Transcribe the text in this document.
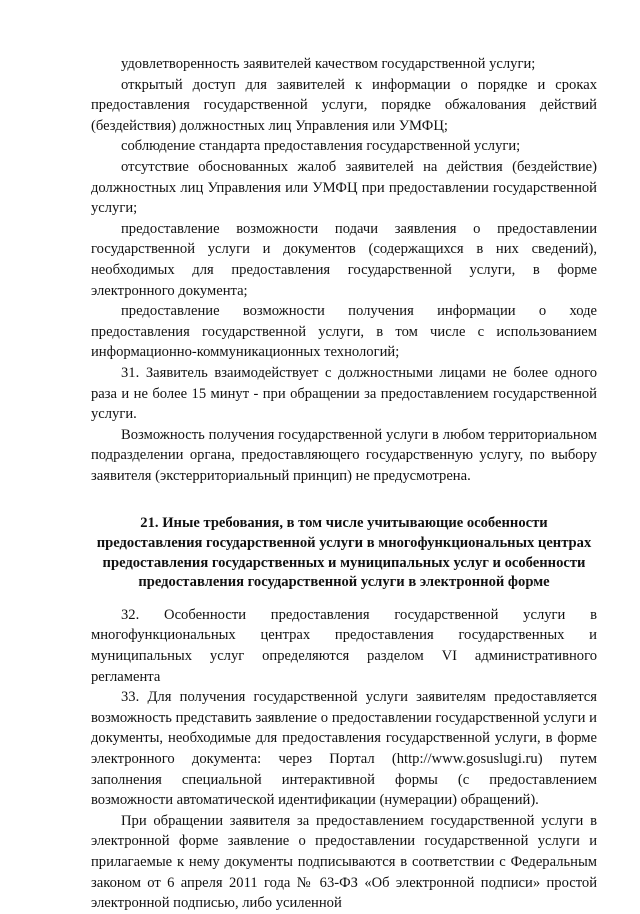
удовлетворенность заявителей качеством государственной услуги;

открытый доступ для заявителей к информации о порядке и сроках предоставления государственной услуги, порядке обжалования действий (бездействия) должностных лиц Управления или УМФЦ;

соблюдение стандарта предоставления государственной услуги;

отсутствие обоснованных жалоб заявителей на действия (бездействие) должностных лиц Управления или УМФЦ при предоставлении государственной услуги;

предоставление возможности подачи заявления о предоставлении государственной услуги и документов (содержащихся в них сведений), необходимых для предоставления государственной услуги, в форме электронного документа;

предоставление возможности получения информации о ходе предоставления государственной услуги, в том числе с использованием информационно-коммуникационных технологий;

31. Заявитель взаимодействует с должностными лицами не более одного раза и не более 15 минут - при обращении за предоставлением государственной услуги.

Возможность получения государственной услуги в любом территориальном подразделении органа, предоставляющего государственную услугу, по выбору заявителя (экстерриториальный принцип) не предусмотрена.

21. Иные требования, в том числе учитывающие особенности предоставления государственной услуги в многофункциональных центрах предоставления государственных и муниципальных услуг и особенности предоставления государственной услуги в электронной форме

32. Особенности предоставления государственной услуги в многофункциональных центрах предоставления государственных и муниципальных услуг определяются разделом VI административного регламента

33. Для получения государственной услуги заявителям предоставляется возможность представить заявление о предоставлении государственной услуги и документы, необходимые для предоставления государственной услуги, в форме электронного документа: через Портал (http://www.gosuslugi.ru) путем заполнения специальной интерактивной формы (с предоставлением возможности автоматической идентификации (нумерации) обращений).

При обращении заявителя за предоставлением государственной услуги в электронной форме заявление о предоставлении государственной услуги и прилагаемые к нему документы подписываются в соответствии с Федеральным законом от 6 апреля 2011 года № 63-ФЗ «Об электронной подписи» простой электронной подписью, либо усиленной
